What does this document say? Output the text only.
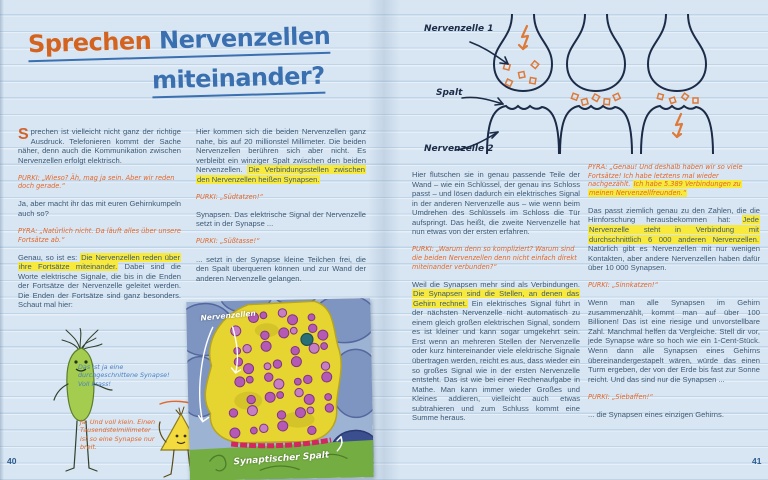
Sprechen Nervenzellen
miteinander?

Sprechen ist vielleicht nicht ganz der richtige Ausdruck. Telefonieren kommt der Sache näher, denn auch die Kommunikation zwischen Nervenzellen erfolgt elektrisch.

PURKI: „Wieso? Äh, mag ja sein. Aber wir reden doch gerade.“

Ja, aber macht ihr das mit euren Gehirnkumpeln auch so?

PYRA: „Natürlich nicht. Da läuft alles über unsere Fortsätze ab.“

Genau, so ist es: Die Nervenzellen reden über ihre Fortsätze miteinander. Dabei sind die Worte elektrische Signale, die bis in die Enden der Fortsätze der Nervenzelle geleitet werden. Die Enden der Fortsätze sind ganz besonders. Schaut mal hier:

Hier kommen sich die beiden Nervenzellen ganz nahe, bis auf 20 millionstel Millimeter. Die beiden Nervenzellen berühren sich aber nicht. Es verbleibt ein winziger Spalt zwischen den beiden Nervenzellen. Die Verbindungsstellen zwischen den Nervenzellen heißen Synapsen.

PURKI: „Südtatzen!“

Synapsen. Das elektrische Signal der Nervenzelle setzt in der Synapse ...

PURKI: „Süßtasse!“

... setzt in der Synapse kleine Teilchen frei, die den Spalt überqueren können und zur Wand der anderen Nervenzelle gelangen.

Das ist ja eine durchgeschnittene Synapse! Voll krass!
Ja. Und voll klein. Einen Tausendstelmillimeter ist so eine Synapse nur breit.
Nervenzellen
Synaptischer Spalt
40
Nervenzelle 1
Spalt
Nervenzelle 2

Hier flutschen sie in genau passende Teile der Wand – wie ein Schlüssel, der genau ins Schloss passt – und lösen dadurch ein elektrisches Signal in der anderen Nervenzelle aus – wie wenn beim Umdrehen des Schlüssels im Schloss die Tür aufspringt. Das heißt, die zweite Nervenzelle hat nun etwas von der ersten erfahren.

PURKI: „Warum denn so kompliziert? Warum sind die beiden Nervenzellen denn nicht einfach direkt miteinander verbunden?“

Weil die Synapsen mehr sind als Verbindungen. Die Synapsen sind die Stellen, an denen das Gehirn rechnet. Ein elektrisches Signal führt in der nächsten Nervenzelle nicht automatisch zu einem gleich großen elektrischen Signal, sondern es ist kleiner und kann sogar umgekehrt sein. Erst wenn an mehreren Stellen der Nervenzelle oder kurz hintereinander viele elektrische Signale übertragen werden, reicht es aus, dass wieder ein so großes Signal wie in der ersten Nervenzelle entsteht. Das ist wie bei einer Rechenaufgabe in Mathe. Man kann immer wieder Großes und Kleines addieren, vielleicht auch etwas subtrahieren und zum Schluss kommt eine Summe heraus.

PYRA: „Genau! Und deshalb haben wir so viele Fortsätze! Ich habe letztens mal wieder nachgezählt. Ich habe 5.389 Verbindungen zu meinen Nervenzellfreunden.“

Das passt ziemlich genau zu den Zahlen, die die Hirnforschung herausbekommen hat: Jede Nervenzelle steht in Verbindung mit durchschnittlich 6 000 anderen Nervenzellen. Natürlich gibt es Nervenzellen mit nur wenigen Kontakten, aber andere Nervenzellen haben dafür über 10 000 Synapsen.

PURKI: „Sinnkatzen!“

Wenn man alle Synapsen im Gehirn zusammenzählt, kommt man auf über 100 Billionen! Das ist eine riesige und unvorstellbare Zahl. Manchmal helfen da Vergleiche. Stell dir vor, jede Synapse wäre so hoch wie ein 1-Cent-Stück. Wenn dann alle Synapsen eines Gehirns übereinandergestapelt wären, würde das einen Turm ergeben, der von der Erde bis fast zur Sonne reicht. Und das sind nur die Synapsen ...

PURKI: „Siebaffen!“

... die Synapsen eines einzigen Gehirns.

41
